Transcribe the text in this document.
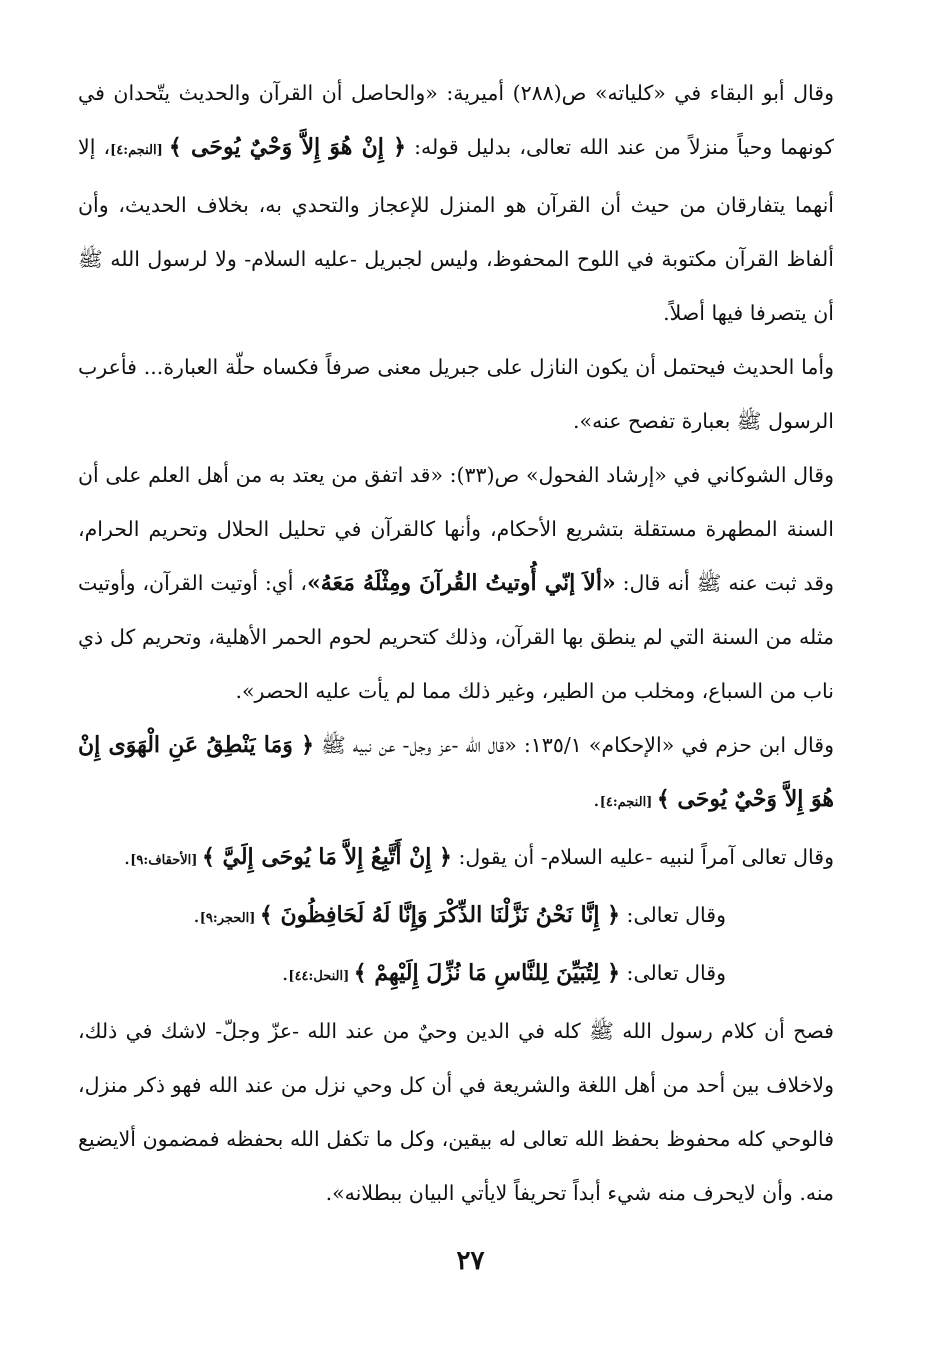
وقال أبو البقاء في «كلياته» ص(٢٨٨) أميرية: «والحاصل أن القرآن والحديث يتّحدان في كونهما وحياً منزلاً من عند الله تعالى، بدليل قوله: ﴿ إِنْ هُوَ إِلاَّ وَحْيٌ يُوحَى ﴾ [النجم:٤]، إلا أنهما يتفارقان من حيث أن القرآن هو المنزل للإعجاز والتحدي به، بخلاف الحديث، وأن ألفاظ القرآن مكتوبة في اللوح المحفوظ، وليس لجبريل -عليه السلام- ولا لرسول الله ﷺ أن يتصرفا فيها أصلاً.

وأما الحديث فيحتمل أن يكون النازل على جبريل معنى صرفاً فكساه حلّة العبارة... فأعرب الرسول ﷺ بعبارة تفصح عنه».

وقال الشوكاني في «إرشاد الفحول» ص(٣٣): «قد اتفق من يعتد به من أهل العلم على أن السنة المطهرة مستقلة بتشريع الأحكام، وأنها كالقرآن في تحليل الحلال وتحريم الحرام، وقد ثبت عنه ﷺ أنه قال: «ألاَ إنّي أُوتيتُ القُرآنَ ومِثْلَهُ مَعَهُ»، أي: أوتيت القرآن، وأوتيت مثله من السنة التي لم ينطق بها القرآن، وذلك كتحريم لحوم الحمر الأهلية، وتحريم كل ذي ناب من السباع، ومخلب من الطير، وغير ذلك مما لم يأت عليه الحصر».

وقال ابن حزم في «الإحكام» ١٣٥/١: «قال الله -عز وجل- عن نبيه ﷺ ﴿ وَمَا يَنْطِقُ عَنِ الْهَوَى إِنْ هُوَ إِلاَّ وَحْيٌ يُوحَى ﴾ [النجم:٤].

وقال تعالى آمراً لنبيه -عليه السلام- أن يقول: ﴿ إِنْ أَتَّبِعُ إِلاَّ مَا يُوحَى إِلَيَّ ﴾ [الأحقاف:٩].

وقال تعالى: ﴿ إِنَّا نَحْنُ نَزَّلْنَا الذِّكْرَ وَإِنَّا لَهُ لَحَافِظُونَ ﴾ [الحجر:٩].

وقال تعالى: ﴿ لِتُبَيِّنَ لِلنَّاسِ مَا نُزِّلَ إِلَيْهِمْ ﴾ [النحل:٤٤].

فصح أن كلام رسول الله ﷺ كله في الدين وحيٌ من عند الله -عزّ وجلّ- لاشك في ذلك، ولاخلاف بين أحد من أهل اللغة والشريعة في أن كل وحي نزل من عند الله فهو ذكر منزل، فالوحي كله محفوظ بحفظ الله تعالى له بيقين، وكل ما تكفل الله بحفظه فمضمون ألايضيع منه. وأن لايحرف منه شيء أبداً تحريفاً لايأتي البيان ببطلانه».

٢٧
